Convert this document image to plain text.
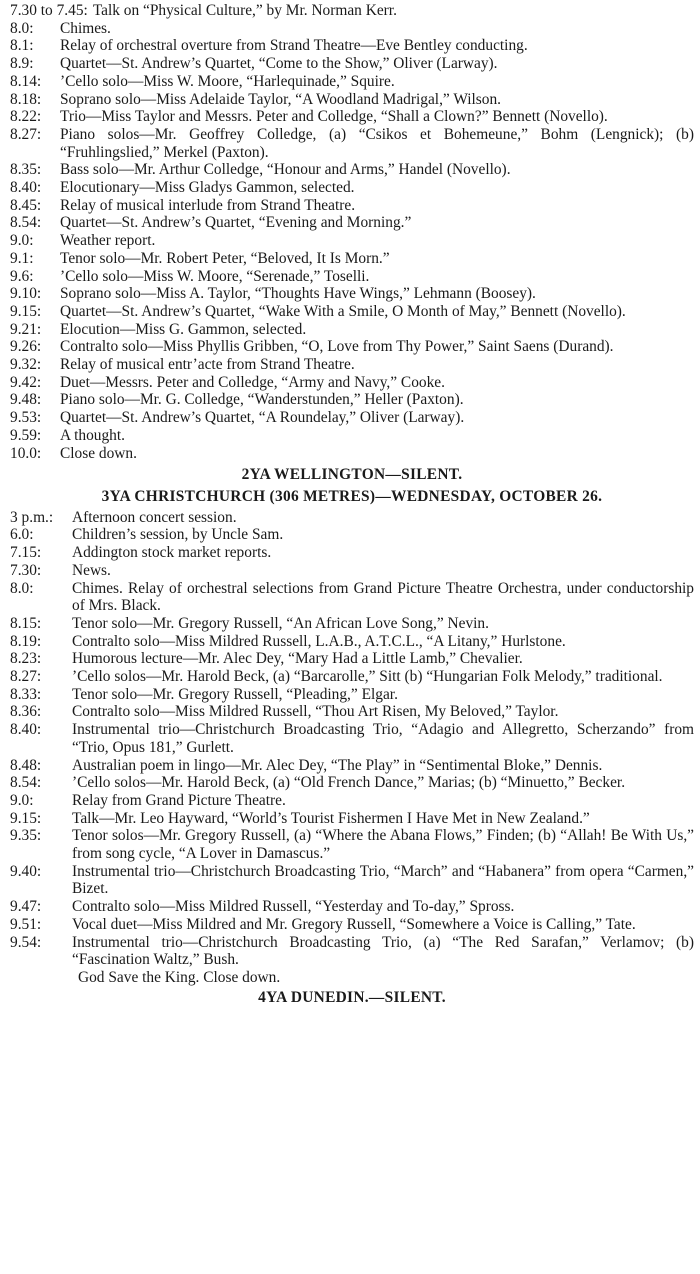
7.30 to 7.45: Talk on “Physical Culture,” by Mr. Norman Kerr.
8.0:	Chimes.
8.1:	Relay of orchestral overture from Strand Theatre—Eve Bentley conducting.
8.9:	Quartet—St. Andrew’s Quartet, “Come to the Show,” Oliver (Larway).
8.14:	’Cello solo—Miss W. Moore, “Harlequinade,” Squire.
8.18:	Soprano solo—Miss Adelaide Taylor, “A Woodland Madrigal,” Wilson.
8.22:	Trio—Miss Taylor and Messrs. Peter and Colledge, “Shall a Clown?” Bennett (Novello).
8.27:	Piano solos—Mr. Geoffrey Colledge, (a) “Csikos et Bohemeune,” Bohm (Lengnick); (b) “Fruhlingslied,” Merkel (Paxton).
8.35:	Bass solo—Mr. Arthur Colledge, “Honour and Arms,” Handel (Novello).
8.40:	Elocutionary—Miss Gladys Gammon, selected.
8.45:	Relay of musical interlude from Strand Theatre.
8.54:	Quartet—St. Andrew’s Quartet, “Evening and Morning.”
9.0:	Weather report.
9.1:	Tenor solo—Mr. Robert Peter, “Beloved, It Is Morn.”
9.6:	’Cello solo—Miss W. Moore, “Serenade,” Toselli.
9.10:	Soprano solo—Miss A. Taylor, “Thoughts Have Wings,” Lehmann (Boosey).
9.15:	Quartet—St. Andrew’s Quartet, “Wake With a Smile, O Month of May,” Bennett (Novello).
9.21:	Elocution—Miss G. Gammon, selected.
9.26:	Contralto solo—Miss Phyllis Gribben, “O, Love from Thy Power,” Saint Saens (Durand).
9.32:	Relay of musical entr’acte from Strand Theatre.
9.42:	Duet—Messrs. Peter and Colledge, “Army and Navy,” Cooke.
9.48:	Piano solo—Mr. G. Colledge, “Wanderstunden,” Heller (Paxton).
9.53:	Quartet—St. Andrew’s Quartet, “A Roundelay,” Oliver (Larway).
9.59:	A thought.
10.0:	Close down.
2YA WELLINGTON—SILENT.
3YA CHRISTCHURCH (306 METRES)—WEDNESDAY, OCTOBER 26.
3 p.m.:	Afternoon concert session.
6.0:	Children’s session, by Uncle Sam.
7.15:	Addington stock market reports.
7.30:	News.
8.0:	Chimes. Relay of orchestral selections from Grand Picture Theatre Orchestra, under conductorship of Mrs. Black.
8.15:	Tenor solo—Mr. Gregory Russell, “An African Love Song,” Nevin.
8.19:	Contralto solo—Miss Mildred Russell, L.A.B., A.T.C.L., “A Litany,” Hurlstone.
8.23:	Humorous lecture—Mr. Alec Dey, “Mary Had a Little Lamb,” Chevalier.
8.27:	’Cello solos—Mr. Harold Beck, (a) “Barcarolle,” Sitt (b) “Hungarian Folk Melody,” traditional.
8.33:	Tenor solo—Mr. Gregory Russell, “Pleading,” Elgar.
8.36:	Contralto solo—Miss Mildred Russell, “Thou Art Risen, My Beloved,” Taylor.
8.40:	Instrumental trio—Christchurch Broadcasting Trio, “Adagio and Allegretto, Scherzando” from “Trio, Opus 181,” Gurlett.
8.48:	Australian poem in lingo—Mr. Alec Dey, “The Play” in “Sentimental Bloke,” Dennis.
8.54:	’Cello solos—Mr. Harold Beck, (a) “Old French Dance,” Marias; (b) “Minuetto,” Becker.
9.0:	Relay from Grand Picture Theatre.
9.15:	Talk—Mr. Leo Hayward, “World’s Tourist Fishermen I Have Met in New Zealand.”
9.35:	Tenor solos—Mr. Gregory Russell, (a) “Where the Abana Flows,” Finden; (b) “Allah! Be With Us,” from song cycle, “A Lover in Damascus.”
9.40:	Instrumental trio—Christchurch Broadcasting Trio, “March” and “Habanera” from opera “Carmen,” Bizet.
9.47:	Contralto solo—Miss Mildred Russell, “Yesterday and To-day,” Spross.
9.51:	Vocal duet—Miss Mildred and Mr. Gregory Russell, “Somewhere a Voice is Calling,” Tate.
9.54:	Instrumental trio—Christchurch Broadcasting Trio, (a) “The Red Sarafan,” Verlamov; (b) “Fascination Waltz,” Bush.
God Save the King. Close down.
4YA DUNEDIN.—SILENT.
